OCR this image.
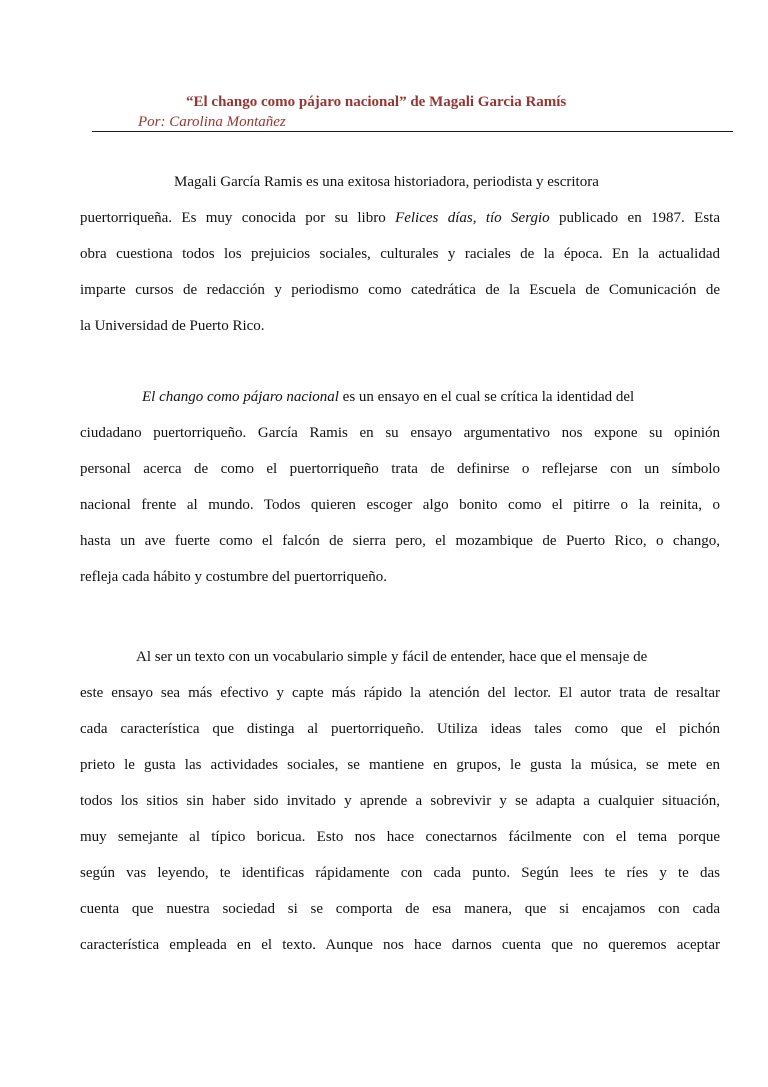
“El chango como pájaro nacional” de Magali Garcia Ramís
Por: Carolina Montañez
Magali García Ramis es una exitosa historiadora, periodista y escritora
puertorriqueña. Es muy conocida por su libro Felices días, tío Sergio publicado en 1987. Esta
obra cuestiona todos los prejuicios sociales, culturales y raciales de la época. En la actualidad
imparte cursos de redacción y periodismo como catedrática de la Escuela de Comunicación de
la Universidad de Puerto Rico.
El chango como pájaro nacional es un ensayo en el cual se crítica la identidad del
ciudadano puertorriqueño. García Ramis en su ensayo argumentativo nos expone su opinión
personal acerca de como el puertorriqueño trata de definirse o reflejarse con un símbolo
nacional frente al mundo. Todos quieren escoger algo bonito como el pitirre o la reinita, o
hasta un ave fuerte como el falcón de sierra pero, el mozambique de Puerto Rico, o chango,
refleja cada hábito y costumbre del puertorriqueño.
Al ser un texto con un vocabulario simple y fácil de entender, hace que el mensaje de
este ensayo sea más efectivo y capte más rápido la atención del lector. El autor trata de resaltar
cada característica que distinga al puertorriqueño. Utiliza ideas tales como que el pichón
prieto le gusta las actividades sociales, se mantiene en grupos, le gusta la música, se mete en
todos los sitios sin haber sido invitado y aprende a sobrevivir y se adapta a cualquier situación,
muy semejante al típico boricua. Esto nos hace conectarnos fácilmente con el tema porque
según vas leyendo, te identificas rápidamente con cada punto. Según lees te ríes y te das
cuenta que nuestra sociedad si se comporta de esa manera, que si encajamos con cada
característica empleada en el texto. Aunque nos hace darnos cuenta que no queremos aceptar
